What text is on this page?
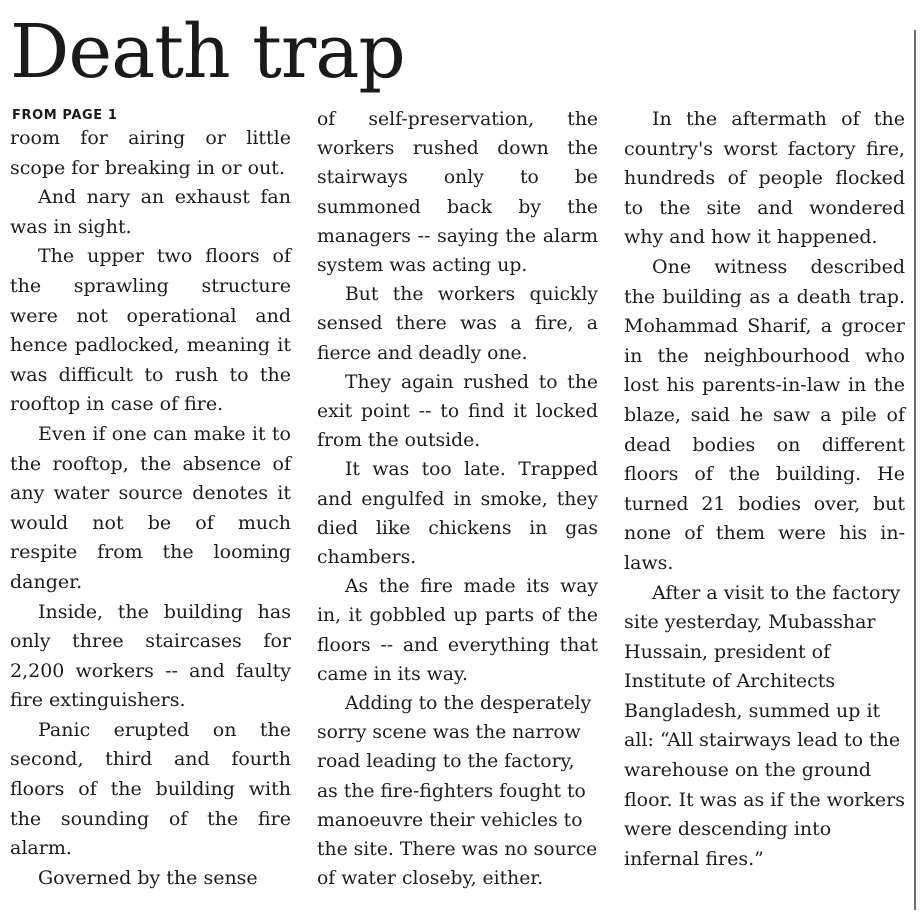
Death trap
FROM PAGE 1

room for airing or little scope for breaking in or out.

And nary an exhaust fan was in sight.

The upper two floors of the sprawling structure were not operational and hence padlocked, meaning it was difficult to rush to the rooftop in case of fire.

Even if one can make it to the rooftop, the absence of any water source denotes it would not be of much respite from the looming danger.

Inside, the building has only three staircases for 2,200 workers -- and faulty fire extinguishers.

Panic erupted on the second, third and fourth floors of the building with the sounding of the fire alarm.

Governed by the sense

of self-preservation, the workers rushed down the stairways only to be summoned back by the managers -- saying the alarm system was acting up.

But the workers quickly sensed there was a fire, a fierce and deadly one.

They again rushed to the exit point -- to find it locked from the outside.

It was too late. Trapped and engulfed in smoke, they died like chickens in gas chambers.

As the fire made its way in, it gobbled up parts of the floors -- and everything that came in its way.

Adding to the desperately sorry scene was the narrow road leading to the factory, as the fire-fighters fought to manoeuvre their vehicles to the site. There was no source of water closeby, either.

In the aftermath of the country's worst factory fire, hundreds of people flocked to the site and wondered why and how it happened.

One witness described the building as a death trap. Mohammad Sharif, a grocer in the neighbourhood who lost his parents-in-law in the blaze, said he saw a pile of dead bodies on different floors of the building. He turned 21 bodies over, but none of them were his in-laws.

After a visit to the factory site yesterday, Mubasshar Hussain, president of Institute of Architects Bangladesh, summed up it all: “All stairways lead to the warehouse on the ground floor. It was as if the workers were descending into infernal fires.”
